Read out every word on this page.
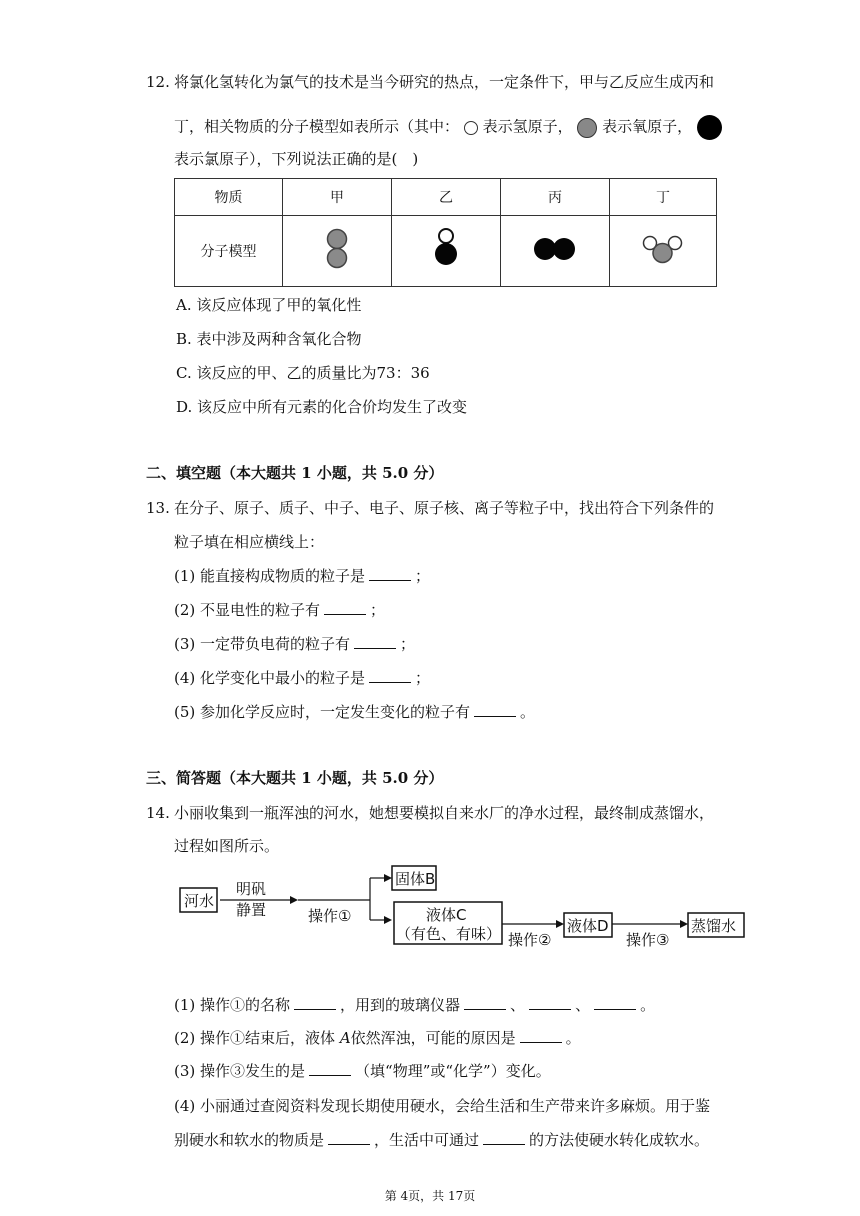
12. 将氯化氢转化为氯气的技术是当今研究的热点，一定条件下，甲与乙反应生成丙和
丁，相关物质的分子模型如表所示（其中： 表示氢原子， 表示氧原子，
表示氯原子），下列说法正确的是(　)
物质	甲	乙	丙	丁
分子模型				
A. 该反应体现了甲的氧化性
B. 表中涉及两种含氧化合物
C. 该反应的甲、乙的质量比为73：36
D. 该反应中所有元素的化合价均发生了改变
二、填空题（本大题共 1 小题，共 5.0 分）
13. 在分子、原子、质子、中子、电子、原子核、离子等粒子中，找出符合下列条件的
粒子填在相应横线上：
(1) 能直接构成物质的粒子是	；
(2) 不显电性的粒子有	；
(3) 一定带负电荷的粒子有	；
(4) 化学变化中最小的粒子是	；
(5) 参加化学反应时，一定发生变化的粒子有	。
三、简答题（本大题共 1 小题，共 5.0 分）
14. 小丽收集到一瓶浑浊的河水，她想要模拟自来水厂的净水过程，最终制成蒸馏水，
过程如图所示。
河水
明矾
静置	操作①
固体B
液体C
（有色、有味） 操作②
液体D
操作③
蒸馏水
(1) 操作①的名称	，用到的玻璃仪器	、	、	。
(2) 操作①结束后，液体 A依然浑浊，可能的原因是	。
(3) 操作③发生的是	（填“物理”或“化学”）变化。
(4) 小丽通过查阅资料发现长期使用硬水，会给生活和生产带来许多麻烦。用于鉴
别硬水和软水的物质是	，生活中可通过	的方法使硬水转化成软水。
第 4页，共 17页
